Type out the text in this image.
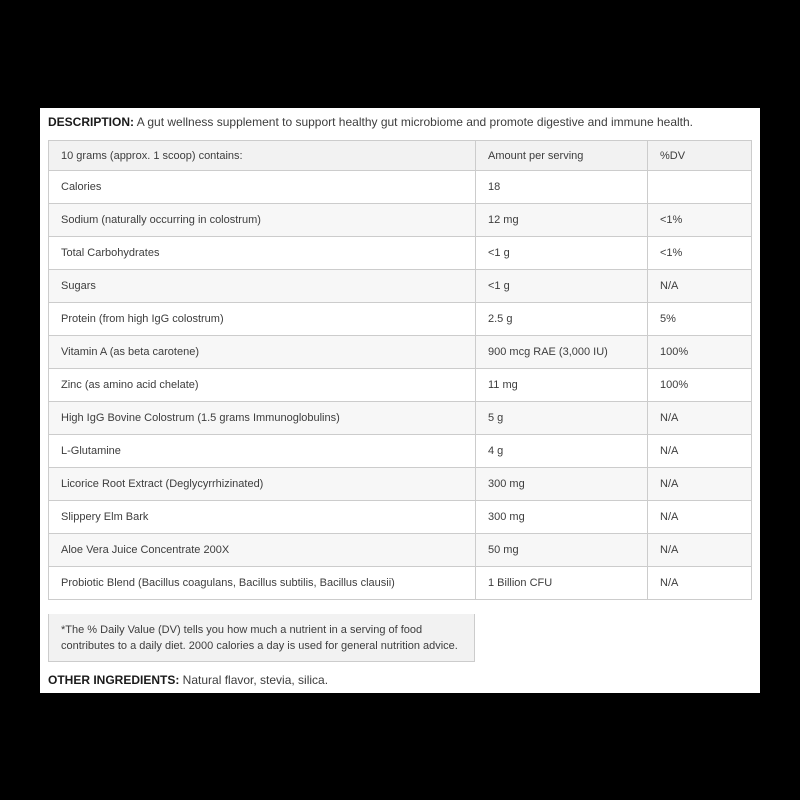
DESCRIPTION: A gut wellness supplement to support healthy gut microbiome and promote digestive and immune health.
10 grams (approx. 1 scoop) contains:	Amount per serving	%DV
Calories	18	
Sodium (naturally occurring in colostrum)	12 mg	<1%
Total Carbohydrates	<1 g	<1%
Sugars	<1 g	N/A
Protein (from high IgG colostrum)	2.5 g	5%
Vitamin A (as beta carotene)	900 mcg RAE (3,000 IU)	100%
Zinc (as amino acid chelate)	11 mg	100%
High IgG Bovine Colostrum (1.5 grams Immunoglobulins)	5 g	N/A
L-Glutamine	4 g	N/A
Licorice Root Extract (Deglycyrrhizinated)	300 mg	N/A
Slippery Elm Bark	300 mg	N/A
Aloe Vera Juice Concentrate 200X	50 mg	N/A
Probiotic Blend (Bacillus coagulans, Bacillus subtilis, Bacillus clausii)	1 Billion CFU	N/A
*The % Daily Value (DV) tells you how much a nutrient in a serving of food contributes to a daily diet. 2000 calories a day is used for general nutrition advice.
OTHER INGREDIENTS: Natural flavor, stevia, silica.
